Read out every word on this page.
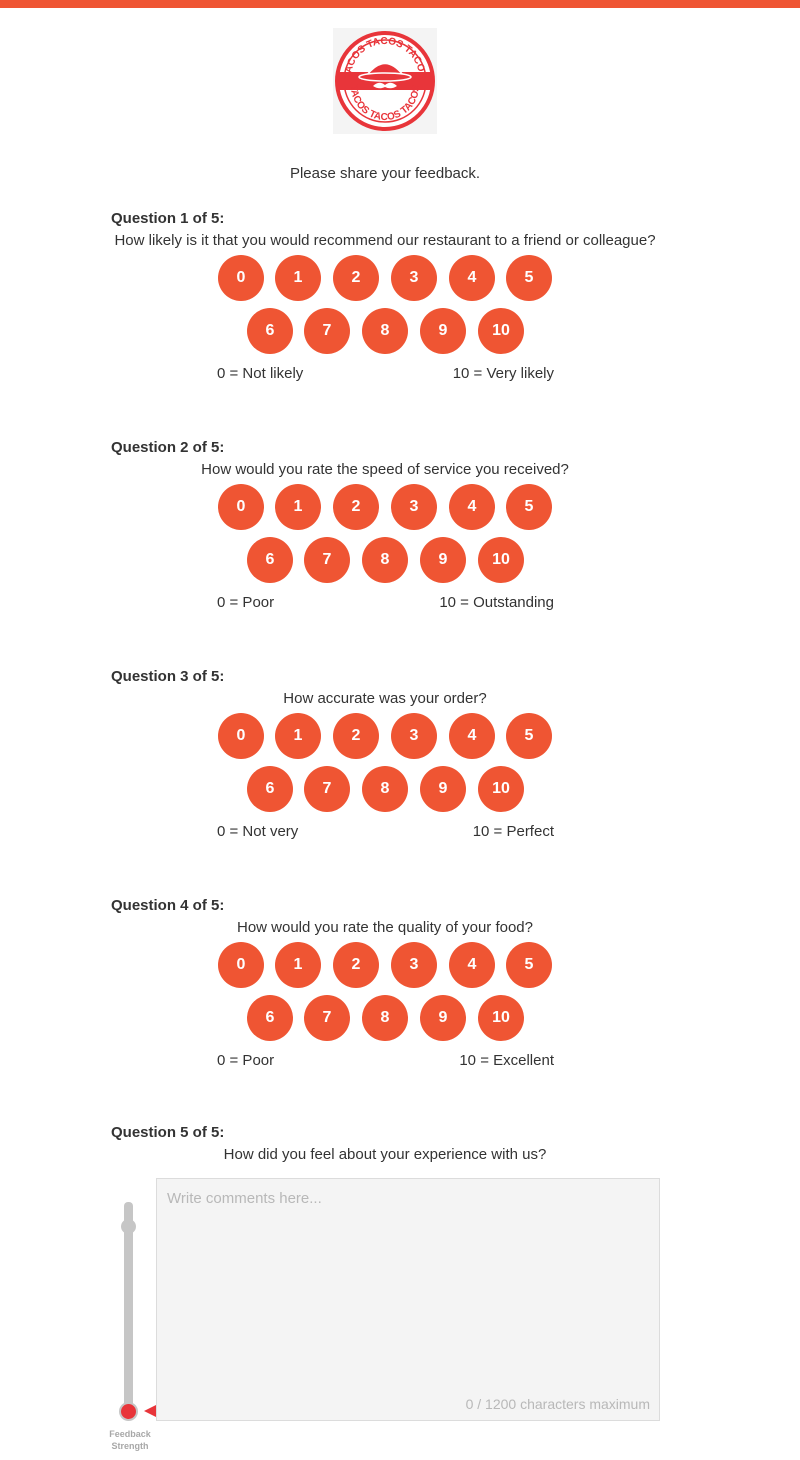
TACOS TACOS TACOS
TACOS TACOS TACOS
Please share your feedback.
Question 1 of 5:
How likely is it that you would recommend our restaurant to a friend or colleague?
0	1	2	3	4	5
6	7	8	9	10
0 = Not likely	10 = Very likely
Question 2 of 5:
How would you rate the speed of service you received?
0	1	2	3	4	5
6	7	8	9	10
0 = Poor	10 = Outstanding
Question 3 of 5:
How accurate was your order?
0	1	2	3	4	5
6	7	8	9	10
0 = Not very	10 = Perfect
Question 4 of 5:
How would you rate the quality of your food?
0	1	2	3	4	5
6	7	8	9	10
0 = Poor	10 = Excellent
Question 5 of 5:
How did you feel about your experience with us?
Feedback Strength
Write comments here...
0 / 1200 characters maximum
